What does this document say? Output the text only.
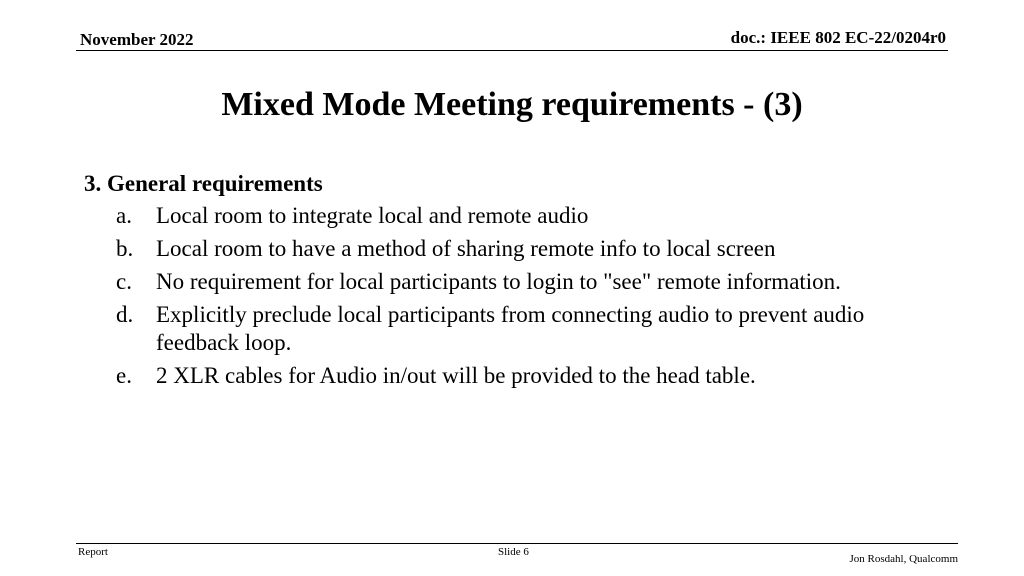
November 2022	doc.: IEEE 802 EC-22/0204r0
Mixed Mode Meeting requirements - (3)
3. General requirements
a.	Local room to integrate local and remote audio
b. Local room to have a method of sharing remote info to local screen
c.	No requirement for local participants to login to "see" remote information.
d. Explicitly preclude local participants from connecting audio to prevent audio feedback loop.
e.	2 XLR cables for Audio in/out will be provided to the head table.
Report	Slide 6
Jon Rosdahl, Qualcomm
